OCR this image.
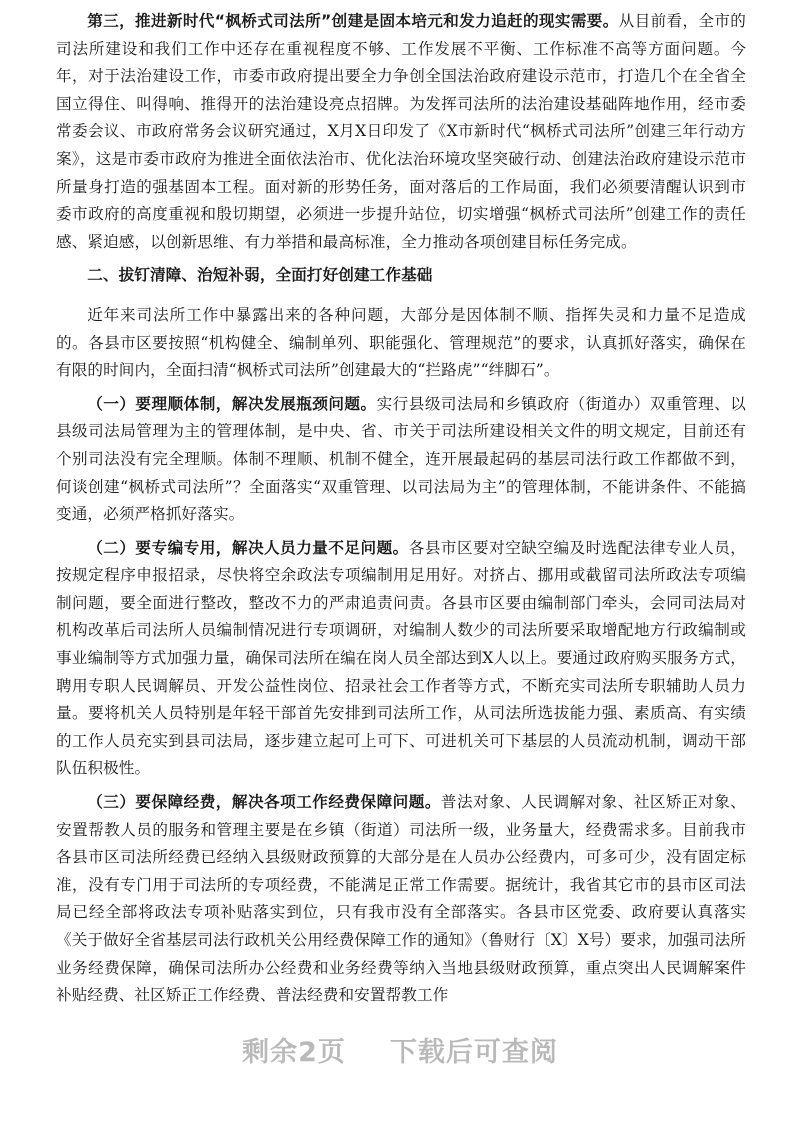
第三，推进新时代“枫桥式司法所”创建是固本培元和发力追赶的现实需要。从目前看，全市的司法所建设和我们工作中还存在重视程度不够、工作发展不平衡、工作标准不高等方面问题。今年，对于法治建设工作，市委市政府提出要全力争创全国法治政府建设示范市，打造几个在全省全国立得住、叫得响、推得开的法治建设亮点招牌。为发挥司法所的法治建设基础阵地作用，经市委常委会议、市政府常务会议研究通过，X月X日印发了《X市新时代“枫桥式司法所”创建三年行动方案》，这是市委市政府为推进全面依法治市、优化法治环境攻坚突破行动、创建法治政府建设示范市所量身打造的强基固本工程。面对新的形势任务，面对落后的工作局面，我们必须要清醒认识到市委市政府的高度重视和殷切期望，必须进一步提升站位，切实增强“枫桥式司法所”创建工作的责任感、紧迫感，以创新思维、有力举措和最高标准，全力推动各项创建目标任务完成。

二、拔钉清障、治短补弱，全面打好创建工作基础

近年来司法所工作中暴露出来的各种问题，大部分是因体制不顺、指挥失灵和力量不足造成的。各县市区要按照“机构健全、编制单列、职能强化、管理规范”的要求，认真抓好落实，确保在有限的时间内，全面扫清“枫桥式司法所”创建最大的“拦路虎”“绊脚石”。

（一）要理顺体制，解决发展瓶颈问题。实行县级司法局和乡镇政府（街道办）双重管理、以县级司法局管理为主的管理体制，是中央、省、市关于司法所建设相关文件的明文规定，目前还有个别司法没有完全理顺。体制不理顺、机制不健全，连开展最起码的基层司法行政工作都做不到，何谈创建“枫桥式司法所”？全面落实“双重管理、以司法局为主”的管理体制，不能讲条件、不能搞变通，必须严格抓好落实。

（二）要专编专用，解决人员力量不足问题。各县市区要对空缺空编及时选配法律专业人员，按规定程序申报招录，尽快将空余政法专项编制用足用好。对挤占、挪用或截留司法所政法专项编制问题，要全面进行整改，整改不力的严肃追责问责。各县市区要由编制部门牵头，会同司法局对机构改革后司法所人员编制情况进行专项调研，对编制人数少的司法所要采取增配地方行政编制或事业编制等方式加强力量，确保司法所在编在岗人员全部达到X人以上。要通过政府购买服务方式，聘用专职人民调解员、开发公益性岗位、招录社会工作者等方式，不断充实司法所专职辅助人员力量。要将机关人员特别是年轻干部首先安排到司法所工作，从司法所选拔能力强、素质高、有实绩的工作人员充实到县司法局，逐步建立起可上可下、可进机关可下基层的人员流动机制，调动干部队伍积极性。

（三）要保障经费，解决各项工作经费保障问题。普法对象、人民调解对象、社区矫正对象、安置帮教人员的服务和管理主要是在乡镇（街道）司法所一级，业务量大，经费需求多。目前我市各县市区司法所经费已经纳入县级财政预算的大部分是在人员办公经费内，可多可少，没有固定标准，没有专门用于司法所的专项经费，不能满足正常工作需要。据统计，我省其它市的县市区司法局已经全部将政法专项补贴落实到位，只有我市没有全部落实。各县市区党委、政府要认真落实《关于做好全省基层司法行政机关公用经费保障工作的通知》（鲁财行〔X〕X号）要求，加强司法所业务经费保障，确保司法所办公经费和业务经费等纳入当地县级财政预算，重点突出人民调解案件补贴经费、社区矫正工作经费、普法经费和安置帮教工作

剩余2页 下载后可查阅
